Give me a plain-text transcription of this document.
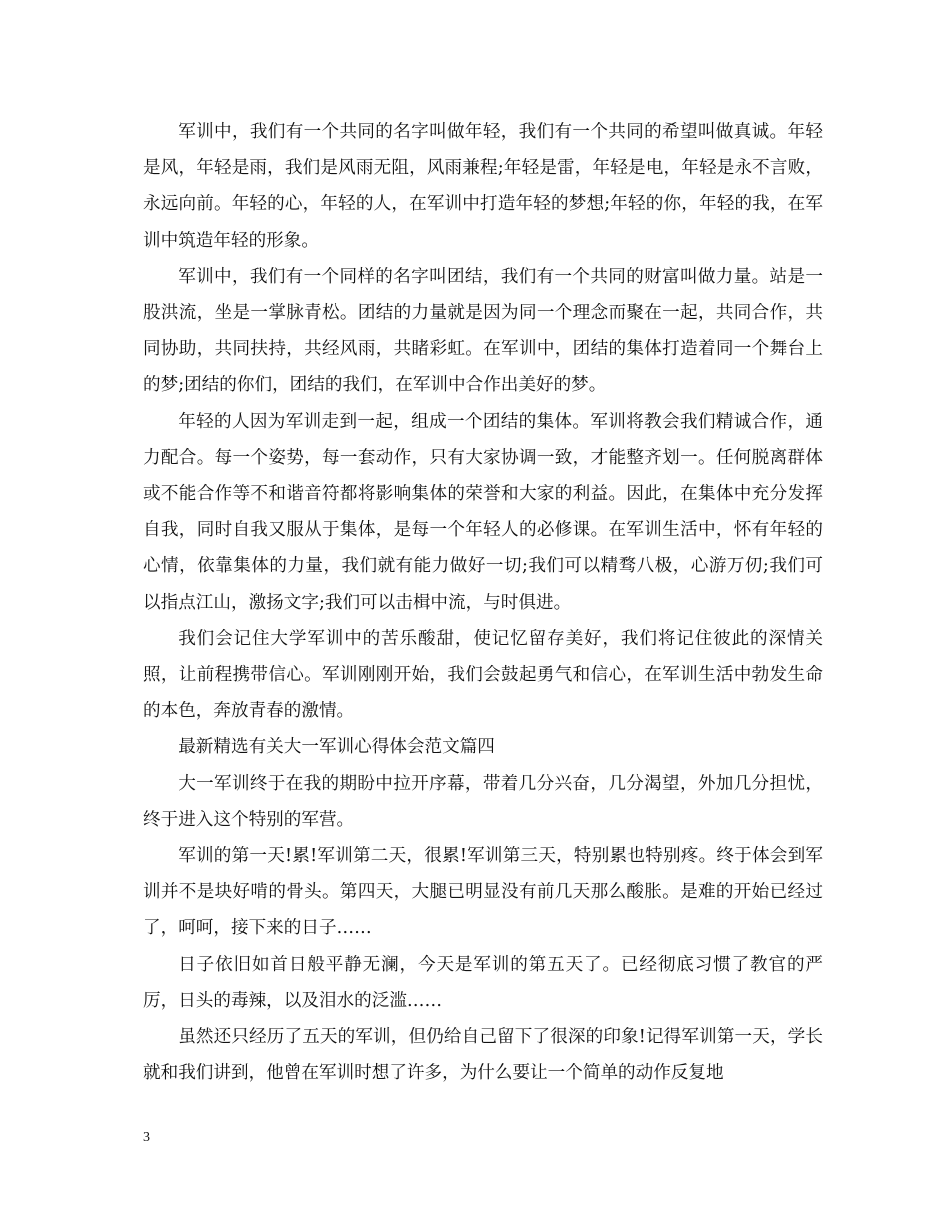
军训中，我们有一个共同的名字叫做年轻，我们有一个共同的希望叫做真诚。年轻是风，年轻是雨，我们是风雨无阻，风雨兼程;年轻是雷，年轻是电，年轻是永不言败，永远向前。年轻的心，年轻的人，在军训中打造年轻的梦想;年轻的你，年轻的我，在军训中筑造年轻的形象。

军训中，我们有一个同样的名字叫团结，我们有一个共同的财富叫做力量。站是一股洪流，坐是一掌脉青松。团结的力量就是因为同一个理念而聚在一起，共同合作，共同协助，共同扶持，共经风雨，共睹彩虹。在军训中，团结的集体打造着同一个舞台上的梦;团结的你们，团结的我们，在军训中合作出美好的梦。

年轻的人因为军训走到一起，组成一个团结的集体。军训将教会我们精诚合作，通力配合。每一个姿势，每一套动作，只有大家协调一致，才能整齐划一。任何脱离群体或不能合作等不和谐音符都将影响集体的荣誉和大家的利益。因此，在集体中充分发挥自我，同时自我又服从于集体，是每一个年轻人的必修课。在军训生活中，怀有年轻的心情，依靠集体的力量，我们就有能力做好一切;我们可以精骛八极，心游万仞;我们可以指点江山，激扬文字;我们可以击楫中流，与时俱进。

我们会记住大学军训中的苦乐酸甜，使记忆留存美好，我们将记住彼此的深情关照，让前程携带信心。军训刚刚开始，我们会鼓起勇气和信心，在军训生活中勃发生命的本色，奔放青春的激情。

最新精选有关大一军训心得体会范文篇四

大一军训终于在我的期盼中拉开序幕，带着几分兴奋，几分渴望，外加几分担忧，终于进入这个特别的军营。

军训的第一天!累!军训第二天，很累!军训第三天，特别累也特别疼。终于体会到军训并不是块好啃的骨头。第四天，大腿已明显没有前几天那么酸胀。是难的开始已经过了，呵呵，接下来的日子……

日子依旧如首日般平静无澜，今天是军训的第五天了。已经彻底习惯了教官的严厉，日头的毒辣，以及泪水的泛滥……

虽然还只经历了五天的军训，但仍给自己留下了很深的印象!记得军训第一天，学长就和我们讲到，他曾在军训时想了许多，为什么要让一个简单的动作反复地

3
